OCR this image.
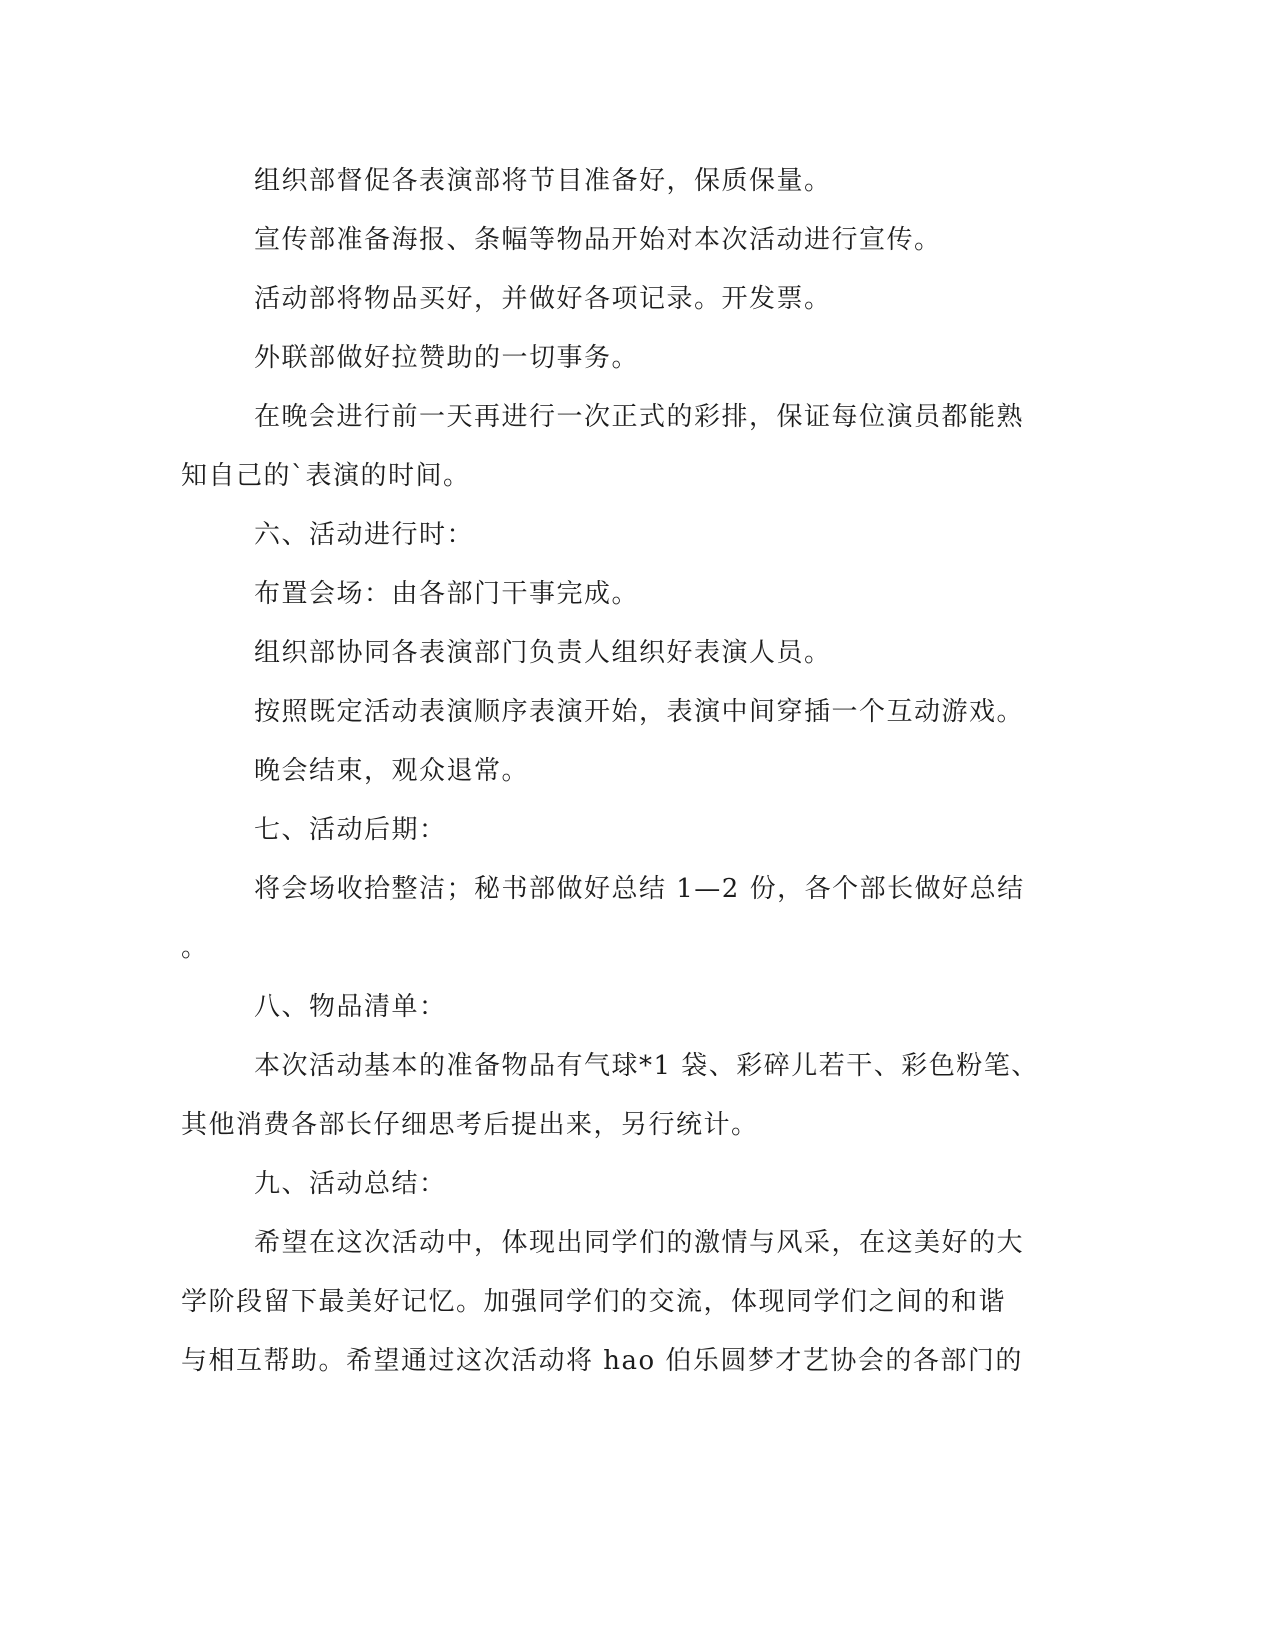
组织部督促各表演部将节目准备好，保质保量。

宣传部准备海报、条幅等物品开始对本次活动进行宣传。

活动部将物品买好，并做好各项记录。开发票。

外联部做好拉赞助的一切事务。

在晚会进行前一天再进行一次正式的彩排，保证每位演员都能熟

知自己的`表演的时间。

六、活动进行时：

布置会场：由各部门干事完成。

组织部协同各表演部门负责人组织好表演人员。

按照既定活动表演顺序表演开始，表演中间穿插一个互动游戏。

晚会结束，观众退常。

七、活动后期：

将会场收拾整洁；秘书部做好总结 1—2 份，各个部长做好总结

。

八、物品清单：

本次活动基本的准备物品有气球*1 袋、彩碎儿若干、彩色粉笔、

其他消费各部长仔细思考后提出来，另行统计。

九、活动总结：

希望在这次活动中，体现出同学们的激情与风采，在这美好的大

学阶段留下最美好记忆。加强同学们的交流，体现同学们之间的和谐

与相互帮助。希望通过这次活动将 hao 伯乐圆梦才艺协会的各部门的
